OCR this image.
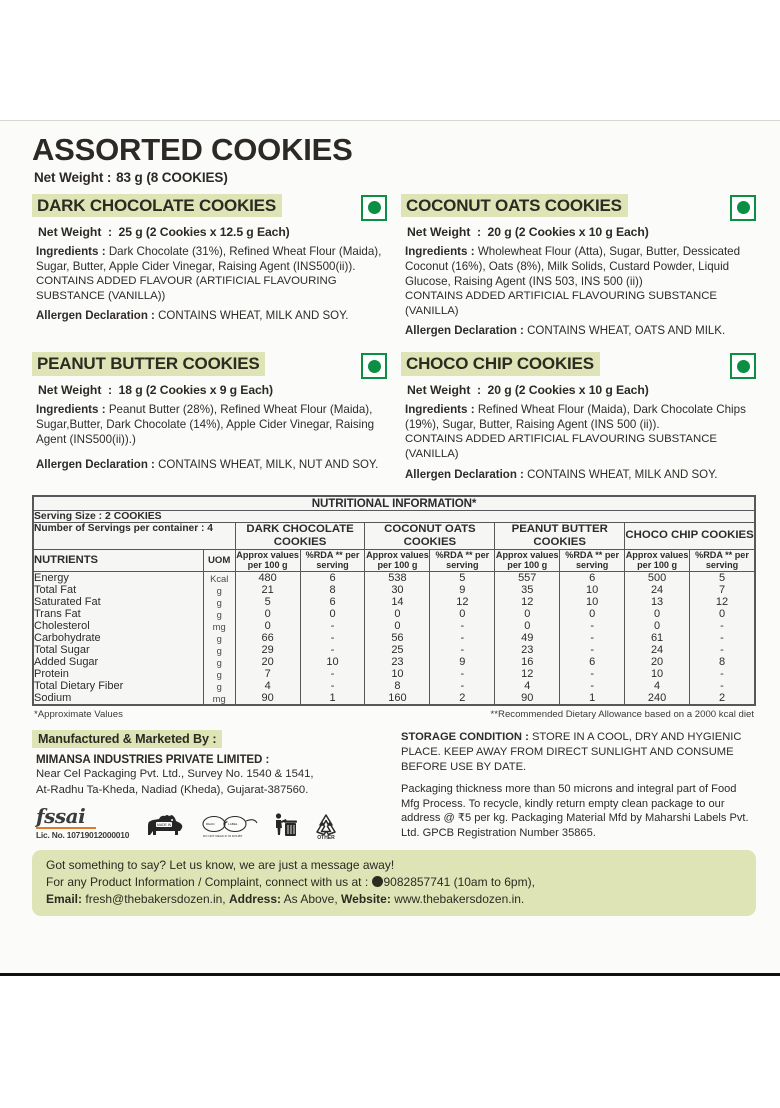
ASSORTED COOKIES
Net Weight : 83 g (8 COOKIES)
DARK CHOCOLATE COOKIES
Net Weight : 25 g (2 Cookies x 12.5 g Each)
Ingredients : Dark Chocolate (31%), Refined Wheat Flour (Maida), Sugar, Butter, Apple Cider Vinegar, Raising Agent (INS500(ii)).
CONTAINS ADDED FLAVOUR (ARTIFICIAL FLAVOURING SUBSTANCE (VANILLA))
Allergen Declaration : CONTAINS WHEAT, MILK AND SOY.
COCONUT OATS COOKIES
Net Weight : 20 g (2 Cookies x 10 g Each)
Ingredients : Wholewheat Flour (Atta), Sugar, Butter, Dessicated Coconut (16%), Oats (8%), Milk Solids, Custard Powder, Liquid Glucose, Raising Agent (INS 503, INS 500 (ii))
CONTAINS ADDED ARTIFICIAL FLAVOURING SUBSTANCE (VANILLA)
Allergen Declaration : CONTAINS WHEAT, OATS AND MILK.
PEANUT BUTTER COOKIES
Net Weight : 18 g (2 Cookies x 9 g Each)
Ingredients : Peanut Butter (28%), Refined Wheat Flour (Maida), Sugar,Butter, Dark Chocolate (14%), Apple Cider Vinegar, Raising Agent (INS500(ii)).)
Allergen Declaration : CONTAINS WHEAT, MILK, NUT AND SOY.
CHOCO CHIP COOKIES
Net Weight : 20 g (2 Cookies x 10 g Each)
Ingredients : Refined Wheat Flour (Maida), Dark Chocolate Chips (19%), Sugar, Butter, Raising Agent (INS 500 (ii)).
CONTAINS ADDED ARTIFICIAL FLAVOURING SUBSTANCE (VANILLA)
Allergen Declaration : CONTAINS WHEAT, MILK AND SOY.
NUTRITIONAL INFORMATION*									
Serving Size : 2 COOKIES									
Number of Servings per container : 4		DARK CHOCOLATE COOKIES		COCONUT OATS COOKIES		PEANUT BUTTER COOKIES		CHOCO CHIP COOKIES	
NUTRIENTS	UOM	Approx values per 100 g	%RDA ** per serving	Approx values per 100 g	%RDA ** per serving	Approx values per 100 g	%RDA ** per serving	Approx values per 100 g	%RDA ** per serving
Energy	Kcal	480	6	538	5	557	6	500	5
Total Fat	g	21	8	30	9	35	10	24	7
Saturated Fat	g	5	6	14	12	12	10	13	12
Trans Fat	g	0	0	0	0	0	0	0	0
Cholesterol	mg	0	-	0	-	0	-	0	-
Carbohydrate	g	66	-	56	-	49	-	61	-
Total Sugar	g	29	-	25	-	23	-	24	-
Added Sugar	g	20	10	23	9	16	6	20	8
Protein	g	7	-	10	-	12	-	10	-
Total Dietary Fiber	g	4	-	8	-	4	-	4	-
Sodium	mg	90	1	160	2	90	1	240	2
*Approximate Values	**Recommended Dietary Allowance based on a 2000 kcal diet
Manufactured & Marketed By :
MIMANSA INDUSTRIES PRIVATE LIMITED :
Near Cel Packaging Pvt. Ltd., Survey No. 1540 & 1541,
At-Radhu Ta-Kheda, Nadiad (Kheda), Gujarat-387560.
fssai
Lic. No. 10719012000010
MADE IN INDIA	READ	LABEL
DO NOT READ IF IN DOUBT	OTHER
STORAGE CONDITION : STORE IN A COOL, DRY AND HYGIENIC PLACE. KEEP AWAY FROM DIRECT SUNLIGHT AND CONSUME BEFORE USE BY DATE.
Packaging thickness more than 50 microns and integral part of Food Mfg Process. To recycle, kindly return empty clean package to our address @ ₹5 per kg. Packaging Material Mfd by Maharshi Labels Pvt. Ltd. GPCB Registration Number 35865.
Got something to say? Let us know, we are just a message away!
For any Product Information / Complaint, connect with us at : 9082857741 (10am to 6pm),
Email: fresh@thebakersdozen.in, Address: As Above, Website: www.thebakersdozen.in.
